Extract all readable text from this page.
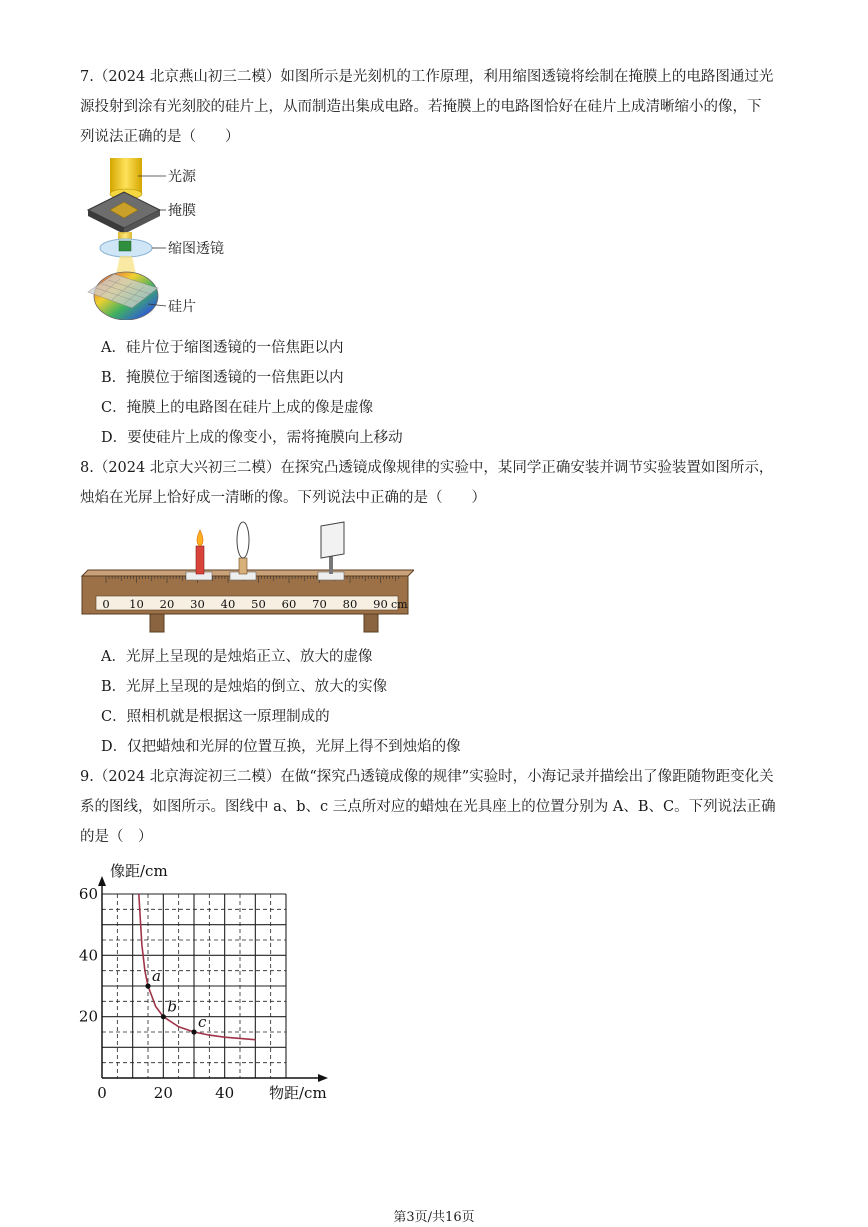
7.（2024 北京燕山初三二模）如图所示是光刻机的工作原理，利用缩图透镜将绘制在掩膜上的电路图通过光
源投射到涂有光刻胶的硅片上，从而制造出集成电路。若掩膜上的电路图恰好在硅片上成清晰缩小的像，下
列说法正确的是（　　）
光源
掩膜
缩图透镜
硅片
A．硅片位于缩图透镜的一倍焦距以内
B．掩膜位于缩图透镜的一倍焦距以内
C．掩膜上的电路图在硅片上成的像是虚像
D．要使硅片上成的像变小，需将掩膜向上移动
8.（2024 北京大兴初三二模）在探究凸透镜成像规律的实验中，某同学正确安装并调节实验装置如图所示，
烛焰在光屏上恰好成一清晰的像。下列说法中正确的是（　　）
0 10 20 30 40 50 60 70 80 90 cm
A．光屏上呈现的是烛焰正立、放大的虚像
B．光屏上呈现的是烛焰的倒立、放大的实像
C．照相机就是根据这一原理制成的
D．仅把蜡烛和光屏的位置互换，光屏上得不到烛焰的像
9.（2024 北京海淀初三二模）在做“探究凸透镜成像的规律”实验时，小海记录并描绘出了像距随物距变化关
系的图线，如图所示。图线中 a、b、c 三点所对应的蜡烛在光具座上的位置分别为 A、B、C。下列说法正确
的是（　）
a
b
c
0	20	40
20
40
60
像距/cm
物距/cm
第3页/共16页
